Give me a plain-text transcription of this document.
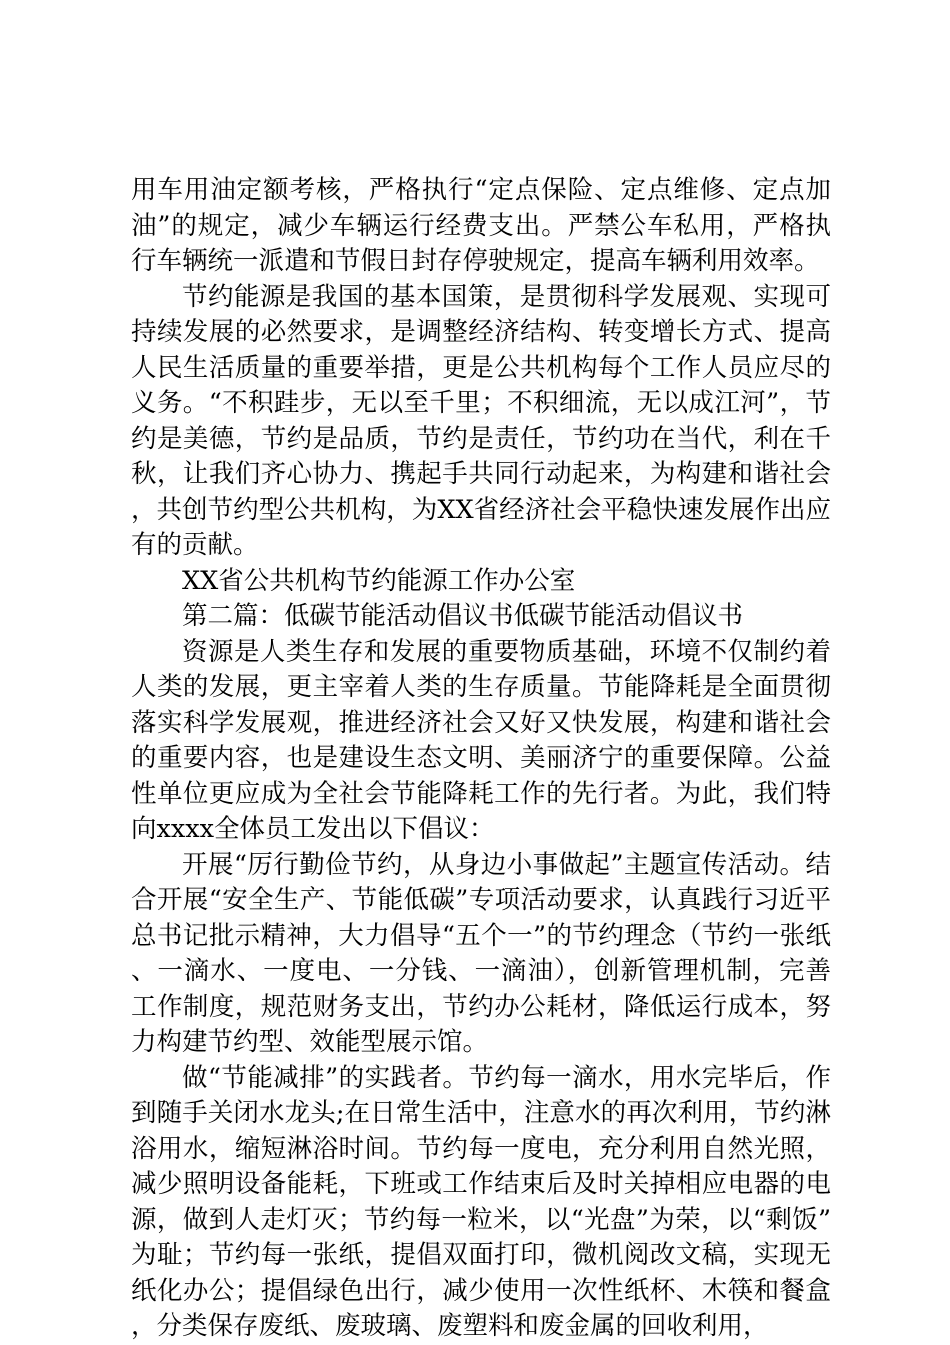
用车用油定额考核，严格执行“定点保险、定点维修、定点加油”的规定，减少车辆运行经费支出。严禁公车私用，严格执行车辆统一派遣和节假日封存停驶规定，提高车辆利用效率。

节约能源是我国的基本国策，是贯彻科学发展观、实现可持续发展的必然要求，是调整经济结构、转变增长方式、提高人民生活质量的重要举措，更是公共机构每个工作人员应尽的义务。“不积跬步，无以至千里；不积细流，无以成江河”，节约是美德，节约是品质，节约是责任，节约功在当代，利在千秋，让我们齐心协力、携起手共同行动起来，为构建和谐社会，共创节约型公共机构，为XX省经济社会平稳快速发展作出应有的贡献。

XX省公共机构节约能源工作办公室

第二篇：低碳节能活动倡议书低碳节能活动倡议书

资源是人类生存和发展的重要物质基础，环境不仅制约着人类的发展，更主宰着人类的生存质量。节能降耗是全面贯彻落实科学发展观，推进经济社会又好又快发展，构建和谐社会的重要内容，也是建设生态文明、美丽济宁的重要保障。公益性单位更应成为全社会节能降耗工作的先行者。为此，我们特向xxxx全体员工发出以下倡议：

开展“厉行勤俭节约，从身边小事做起”主题宣传活动。结合开展“安全生产、节能低碳”专项活动要求，认真践行习近平总书记批示精神，大力倡导“五个一”的节约理念（节约一张纸、一滴水、一度电、一分钱、一滴油），创新管理机制，完善工作制度，规范财务支出，节约办公耗材，降低运行成本，努力构建节约型、效能型展示馆。

做“节能减排”的实践者。节约每一滴水，用水完毕后，作到随手关闭水龙头;在日常生活中，注意水的再次利用，节约淋浴用水，缩短淋浴时间。节约每一度电，充分利用自然光照，减少照明设备能耗，下班或工作结束后及时关掉相应电器的电源，做到人走灯灭；节约每一粒米，以“光盘”为荣，以“剩饭”为耻；节约每一张纸，提倡双面打印，微机阅改文稿，实现无纸化办公；提倡绿色出行，减少使用一次性纸杯、木筷和餐盒，分类保存废纸、废玻璃、废塑料和废金属的回收利用，
